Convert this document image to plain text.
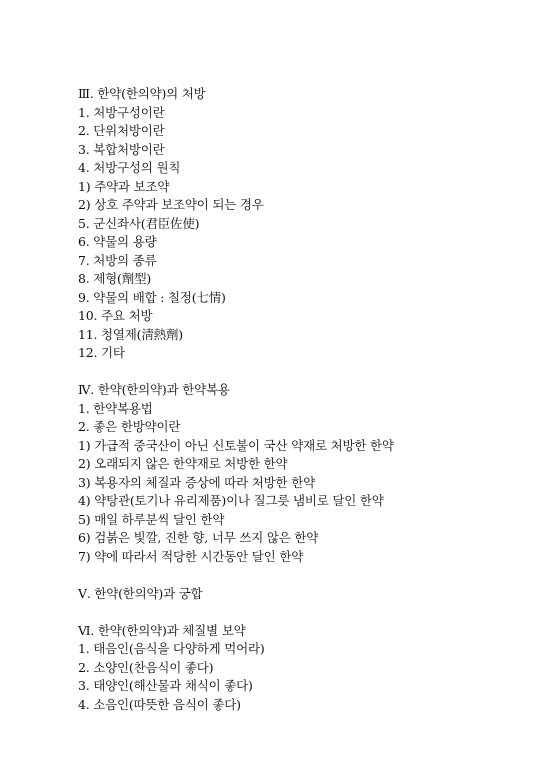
Ⅲ. 한약(한의약)의 처방
1. 처방구성이란
2. 단위처방이란
3. 복합처방이란
4. 처방구성의 원칙
1) 주약과 보조약
2) 상호 주약과 보조약이 되는 경우
5. 군신좌사(君臣佐使)
6. 약물의 용량
7. 처방의 종류
8. 제형(劑型)
9. 약물의 배합 : 칠정(七情)
10. 주요 처방
11. 청열제(淸熱劑)
12. 기타
Ⅳ. 한약(한의약)과 한약복용
1. 한약복용법
2. 좋은 한방약이란
1) 가급적 중국산이 아닌 신토불이 국산 약재로 처방한 한약
2) 오래되지 않은 한약재로 처방한 한약
3) 복용자의 체질과 증상에 따라 처방한 한약
4) 약탕관(토기나 유리제품)이나 질그릇 냄비로 달인 한약
5) 매일 하루분씩 달인 한약
6) 검붉은 빛깔, 진한 향, 너무 쓰지 않은 한약
7) 약에 따라서 적당한 시간동안 달인 한약
Ⅴ. 한약(한의약)과 궁합
Ⅵ. 한약(한의약)과 체질별 보약
1. 태음인(음식을 다양하게 먹어라)
2. 소양인(찬음식이 좋다)
3. 태양인(해산물과 채식이 좋다)
4. 소음인(따뜻한 음식이 좋다)
